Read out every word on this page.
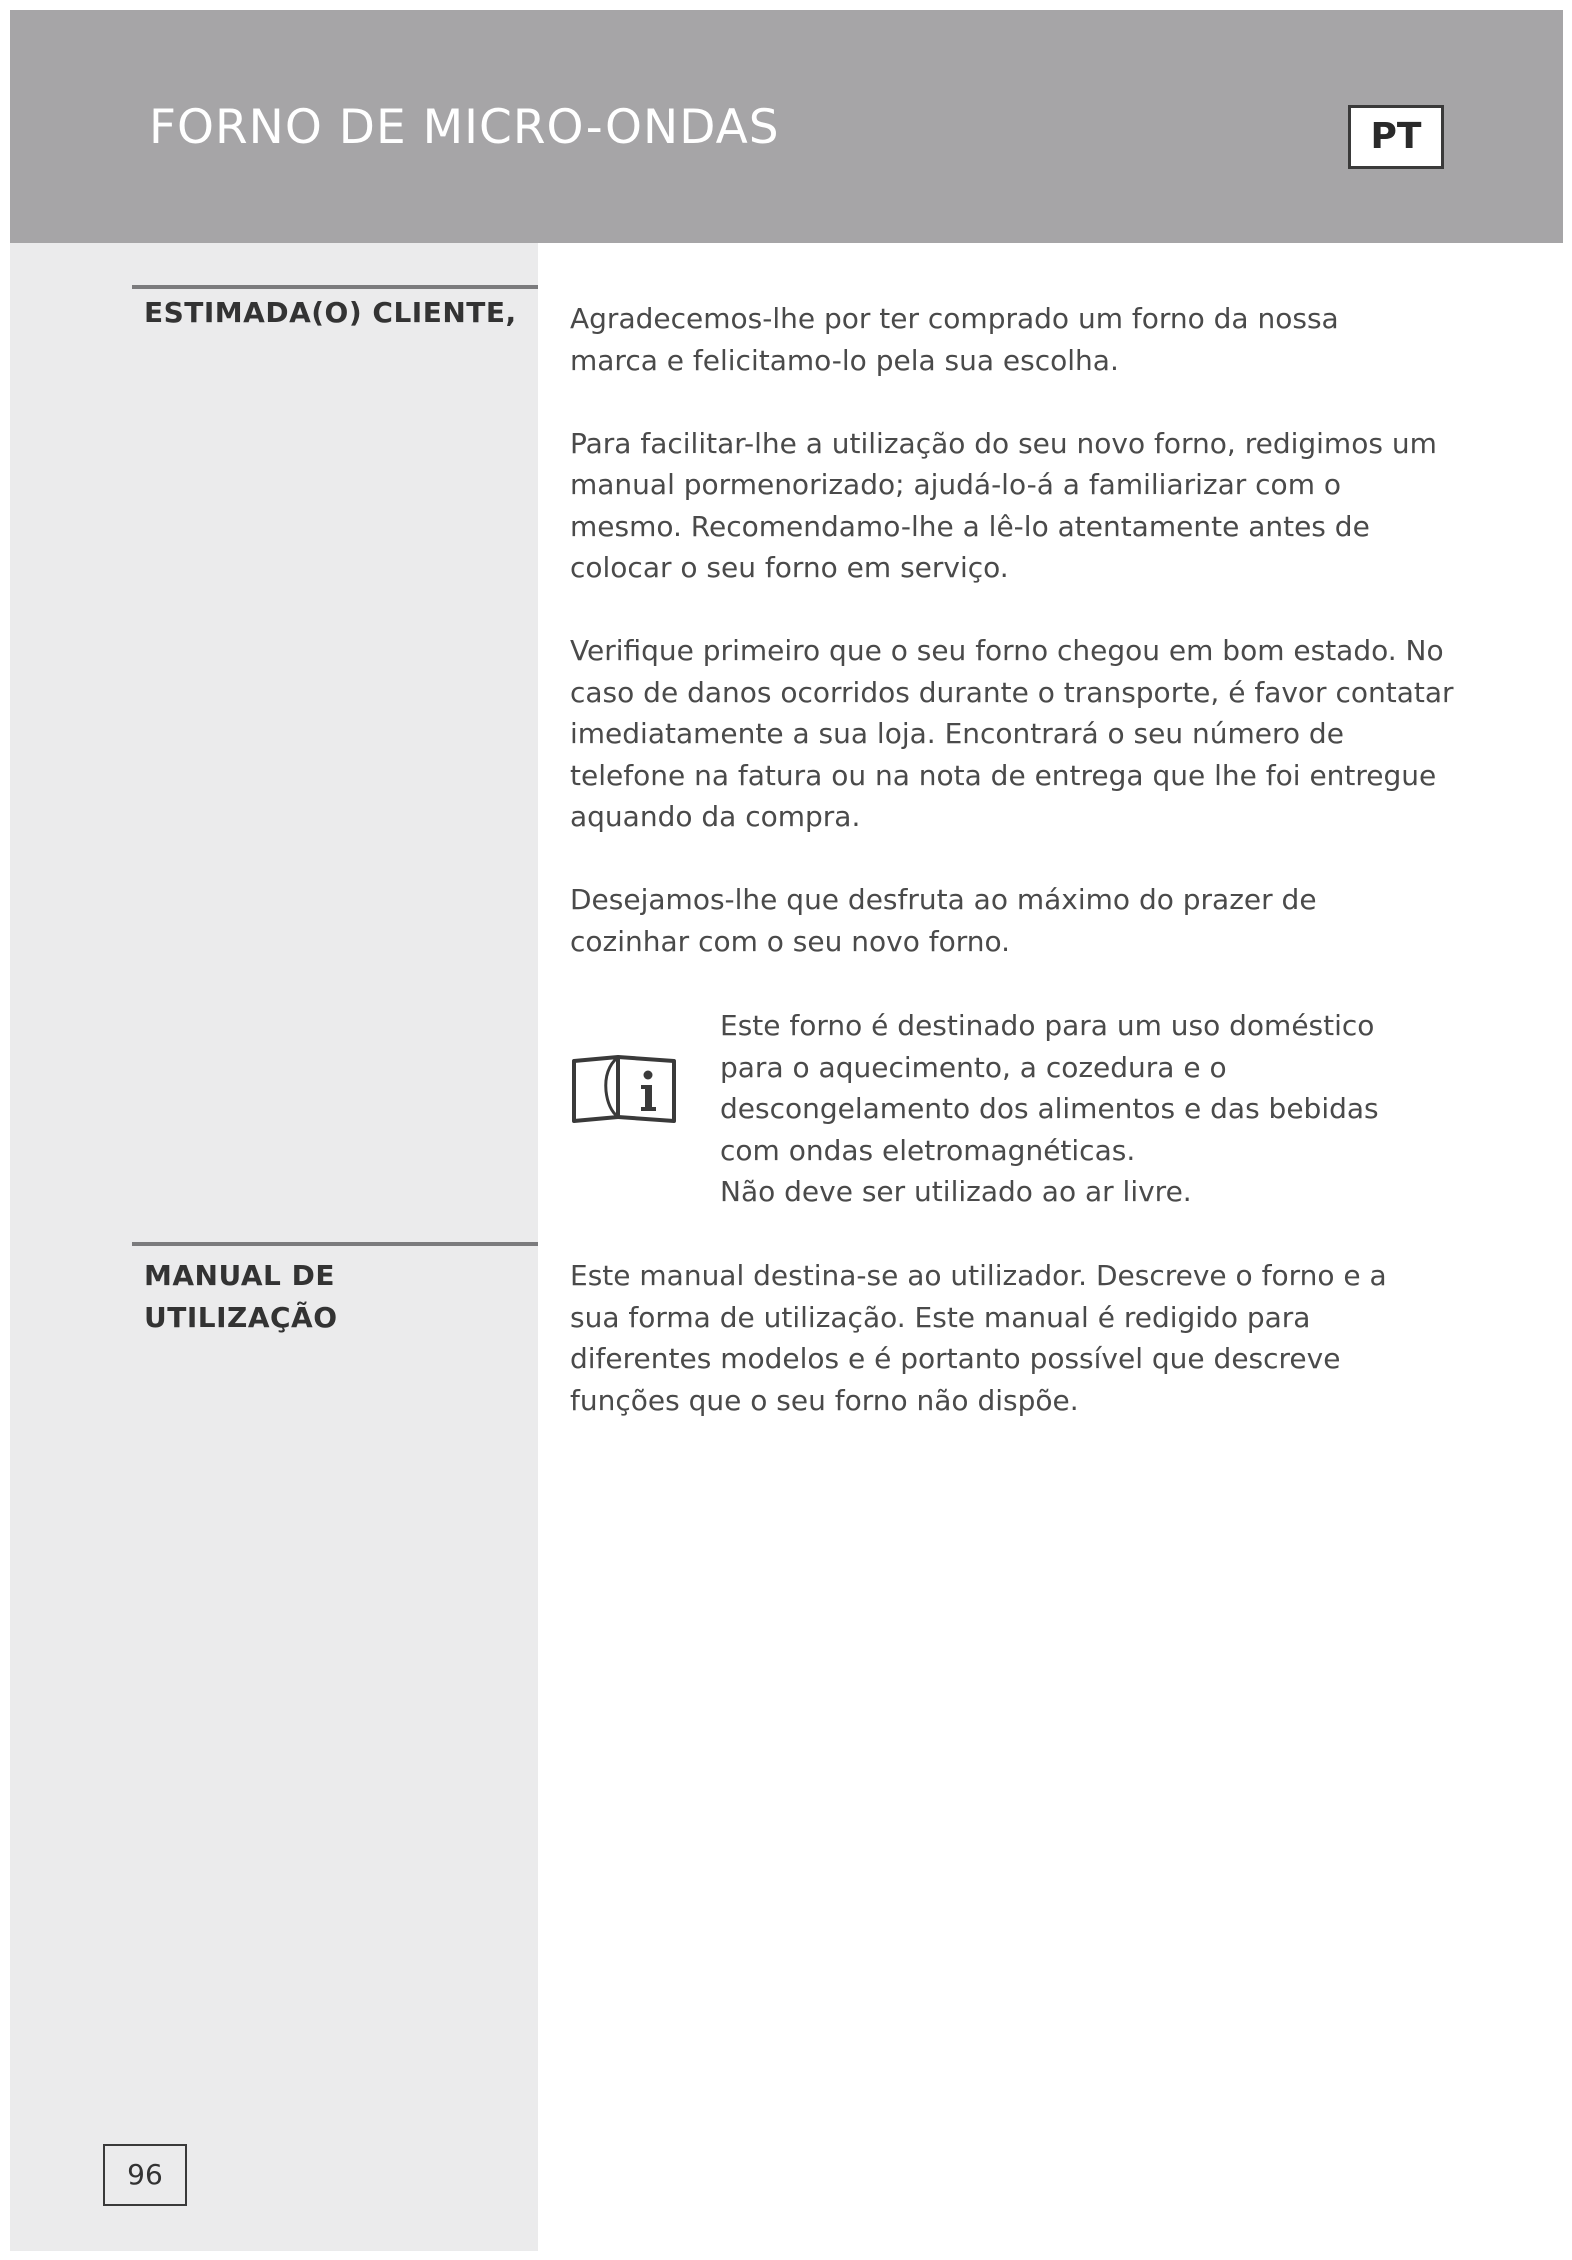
FORNO DE MICRO-ONDAS	PT
ESTIMADA(O) CLIENTE, Agradecemos-lhe por ter comprado um forno da nossa marca e felicitamo-lo pela sua escolha.

Para facilitar-lhe a utilização do seu novo forno, redigimos um manual pormenorizado; ajudá-lo-á a familiarizar com o mesmo. Recomendamo-lhe a lê-lo atentamente antes de colocar o seu forno em serviço.

Verifique primeiro que o seu forno chegou em bom estado. No caso de danos ocorridos durante o transporte, é favor contatar imediatamente a sua loja. Encontrará o seu número de telefone na fatura ou na nota de entrega que lhe foi entregue aquando da compra.

Desejamos-lhe que desfruta ao máximo do prazer de cozinhar com o seu novo forno.

Este forno é destinado para um uso doméstico
para o aquecimento, a cozedura e o
descongelamento dos alimentos e das bebidas
com ondas eletromagnéticas.
Não deve ser utilizado ao ar livre.
MANUAL DE
UTILIZAÇÃO

Este manual destina-se ao utilizador. Descreve o forno e a sua forma de utilização. Este manual é redigido para diferentes modelos e é portanto possível que descreve funções que o seu forno não dispõe.

96
